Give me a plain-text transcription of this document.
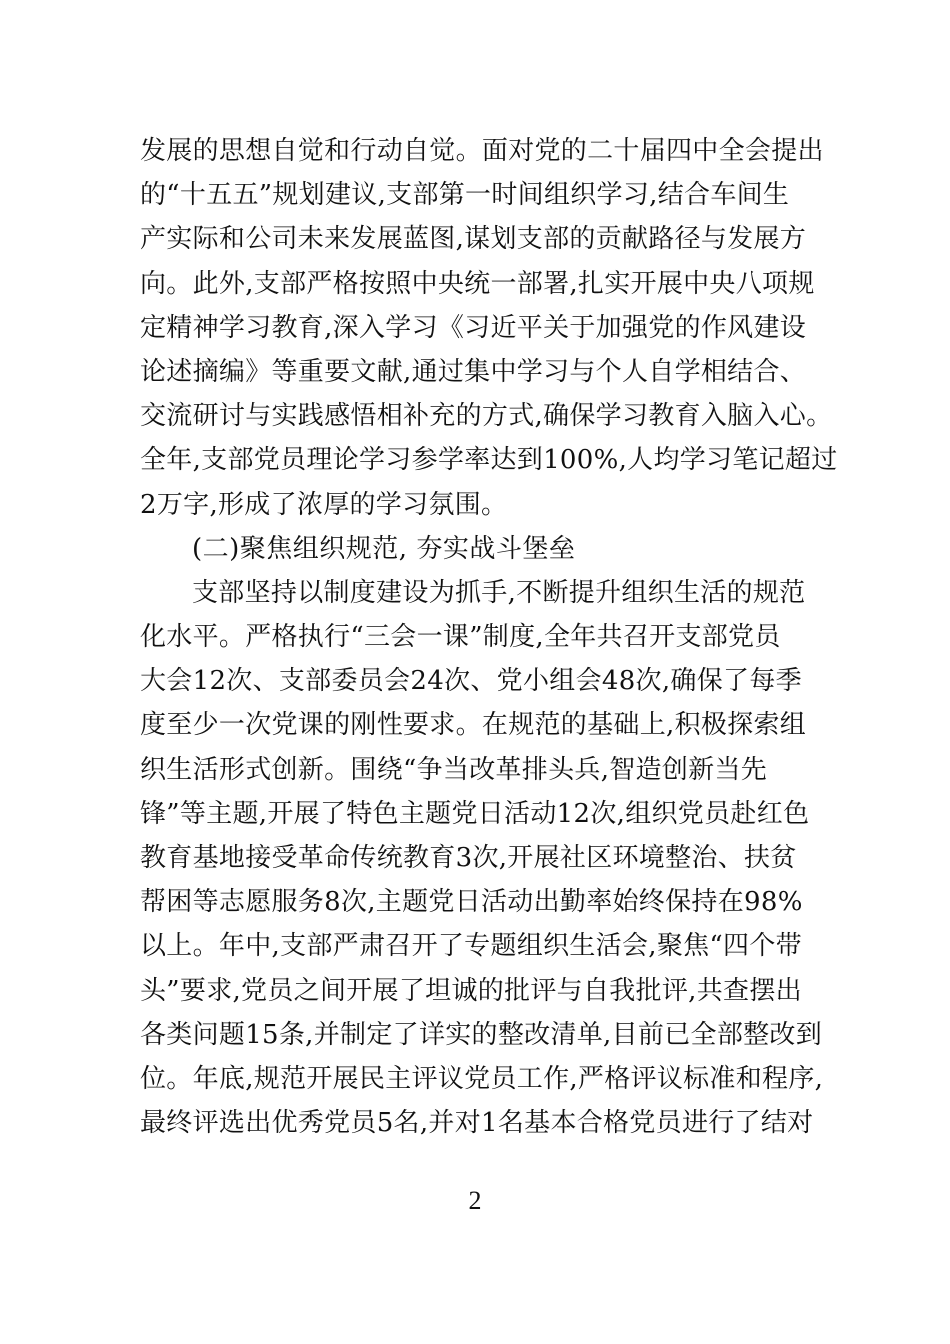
发展的思想自觉和行动自觉。面对党的二十届四中全会提出
的“十五五”规划建议,支部第一时间组织学习,结合车间生
产实际和公司未来发展蓝图,谋划支部的贡献路径与发展方
向。此外,支部严格按照中央统一部署,扎实开展中央八项规
定精神学习教育,深入学习《习近平关于加强党的作风建设
论述摘编》等重要文献,通过集中学习与个人自学相结合、
交流研讨与实践感悟相补充的方式,确保学习教育入脑入心。
全年,支部党员理论学习参学率达到100%,人均学习笔记超过
2万字,形成了浓厚的学习氛围。
(二)聚焦组织规范, 夯实战斗堡垒
支部坚持以制度建设为抓手,不断提升组织生活的规范
化水平。严格执行“三会一课”制度,全年共召开支部党员
大会12次、支部委员会24次、党小组会48次,确保了每季
度至少一次党课的刚性要求。在规范的基础上,积极探索组
织生活形式创新。围绕“争当改革排头兵,智造创新当先
锋”等主题,开展了特色主题党日活动12次,组织党员赴红色
教育基地接受革命传统教育3次,开展社区环境整治、扶贫
帮困等志愿服务8次,主题党日活动出勤率始终保持在98%
以上。年中,支部严肃召开了专题组织生活会,聚焦“四个带
头”要求,党员之间开展了坦诚的批评与自我批评,共查摆出
各类问题15条,并制定了详实的整改清单,目前已全部整改到
位。年底,规范开展民主评议党员工作,严格评议标准和程序,
最终评选出优秀党员5名,并对1名基本合格党员进行了结对
2
